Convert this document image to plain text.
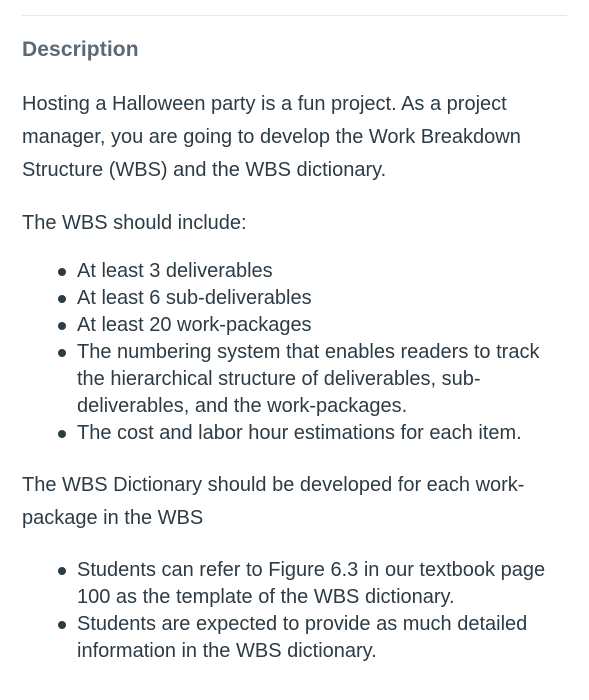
Description

Hosting a Halloween party is a fun project. As a project manager, you are going to develop the Work Breakdown Structure (WBS) and the WBS dictionary.

The WBS should include:

At least 3 deliverables
At least 6 sub-deliverables
At least 20 work-packages
The numbering system that enables readers to track the hierarchical structure of deliverables, sub-deliverables, and the work-packages.
The cost and labor hour estimations for each item.

The WBS Dictionary should be developed for each work-package in the WBS

Students can refer to Figure 6.3 in our textbook page 100 as the template of the WBS dictionary.
Students are expected to provide as much detailed information in the WBS dictionary.
